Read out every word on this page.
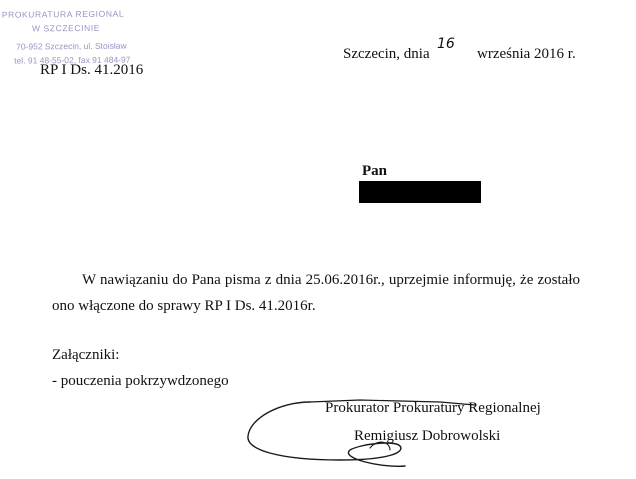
PROKURATURA REGIONAL
W SZCZECINIE
70-952 Szczecin, ul. Stoisław
tel. 91 48-55-02, fax 91 484-97	Szczecin, dnia
16
września 2016 r.
RP I Ds. 41.2016
Pan

W nawiązaniu do Pana pisma z dnia 25.06.2016r., uprzejmie informuję, że zostało ono włączone do sprawy RP I Ds. 41.2016r.

Załączniki:
- pouczenia pokrzywdzonego
Prokurator Prokuratury Regionalnej
Remigiusz Dobrowolski
